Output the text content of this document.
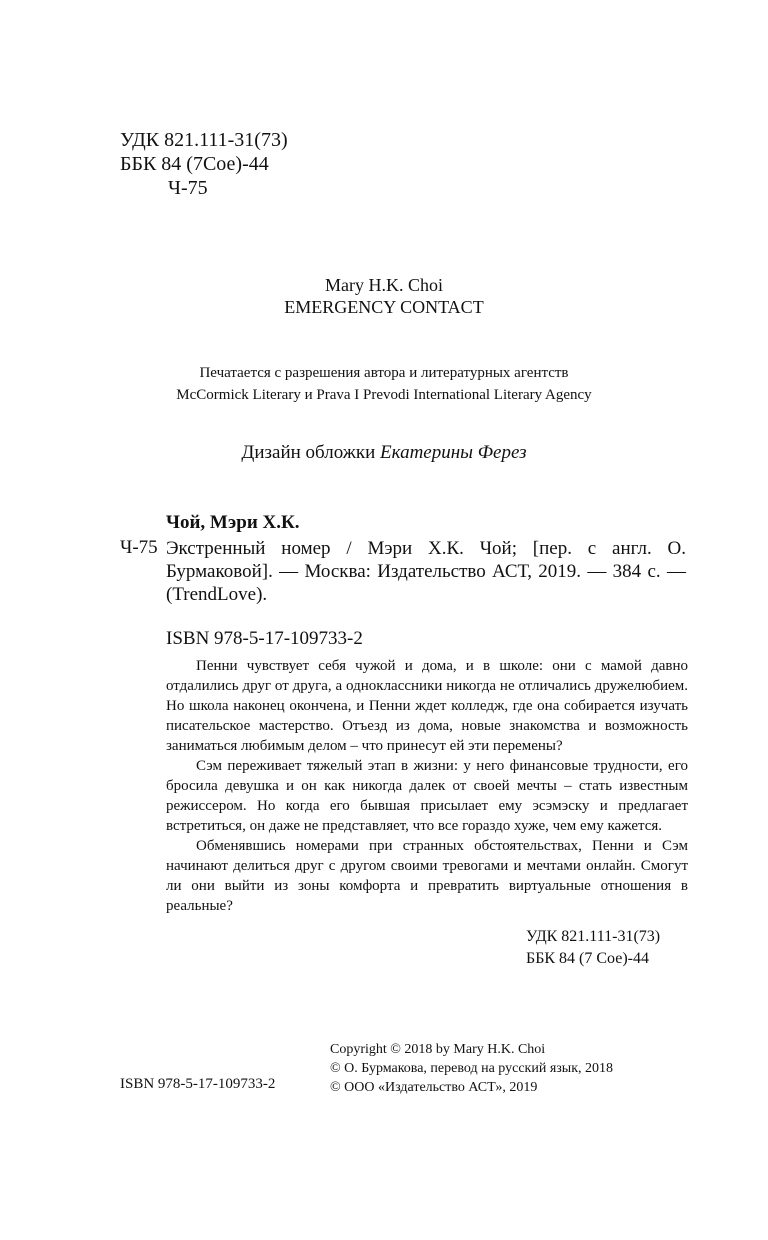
УДК 821.111-31(73)
ББК 84 (7Сое)-44
Ч-75
Mary H.K. Choi
EMERGENCY CONTACT
Печатается с разрешения автора и литературных агентств
McCormick Literary и Prava I Prevodi International Literary Agency
Дизайн обложки Екатерины Ферез
Чой, Мэри Х.К.
Ч-75 Экстренный номер / Мэри Х.К. Чой; [пер. с англ. О. Бурмаковой]. — Москва: Издательство АСТ, 2019. — 384 с. — (TrendLove).
ISBN 978-5-17-109733-2

Пенни чувствует себя чужой и дома, и в школе: они с мамой давно отдалились друг от друга, а одноклассники никогда не отличались дружелюбием. Но школа наконец окончена, и Пенни ждет колледж, где она собирается изучать писательское мастерство. Отъезд из дома, новые знакомства и возможность заниматься любимым делом – что принесут ей эти перемены?

Сэм переживает тяжелый этап в жизни: у него финансовые трудности, его бросила девушка и он как никогда далек от своей мечты – стать известным режиссером. Но когда его бывшая присылает ему эсэмэску и предлагает встретиться, он даже не представляет, что все гораздо хуже, чем ему кажется.

Обменявшись номерами при странных обстоятельствах, Пенни и Сэм начинают делиться друг с другом своими тревогами и мечтами онлайн. Смогут ли они выйти из зоны комфорта и превратить виртуальные отношения в реальные?

УДК 821.111-31(73)
ББК 84 (7 Сое)-44
Copyright © 2018 by Mary H.K. Choi
© О. Бурмакова, перевод на русский язык, 2018
© ООО «Издательство АСТ», 2019
ISBN 978-5-17-109733-2
